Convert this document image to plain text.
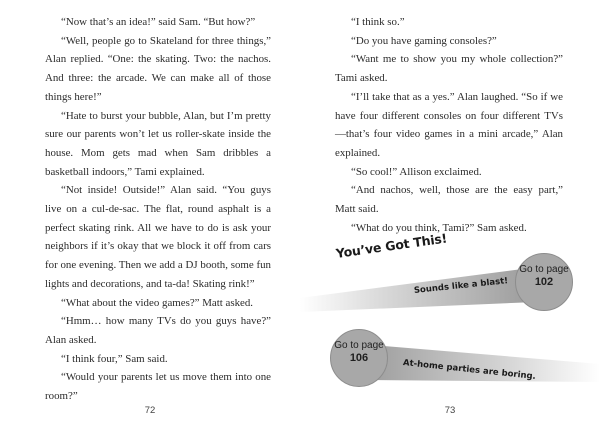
“Now that’s an idea!” said Sam. “But how?”

“Well, people go to Skateland for three things,” Alan replied. “One: the skating. Two: the nachos. And three: the arcade. We can make all of those things here!”

“Hate to burst your bubble, Alan, but I’m pretty sure our parents won’t let us roller-skate inside the house. Mom gets mad when Sam dribbles a basketball indoors,” Tami explained.

“Not inside! Outside!” Alan said. “You guys live on a cul-de-sac. The flat, round asphalt is a perfect skating rink. All we have to do is ask your neighbors if it’s okay that we block it off from cars for one evening. Then we add a DJ booth, some fun lights and decorations, and ta-da! Skating rink!”

“What about the video games?” Matt asked.

“Hmm… how many TVs do you guys have?” Alan asked.

“I think four,” Sam said.

“Would your parents let us move them into one room?”

72

“I think so.”

“Do you have gaming consoles?”

“Want me to show you my whole collection?” Tami asked.

“I’ll take that as a yes.” Alan laughed. “So if we have four different consoles on four different TVs—that’s four video games in a mini arcade,” Alan explained.

“So cool!” Allison exclaimed.

“And nachos, well, those are the easy part,” Matt said.

“What do you think, Tami?” Sam asked.

You’ve Got This!
Sounds like a blast!
Go to page
102
At-home parties are boring.
Go to page
106
73
